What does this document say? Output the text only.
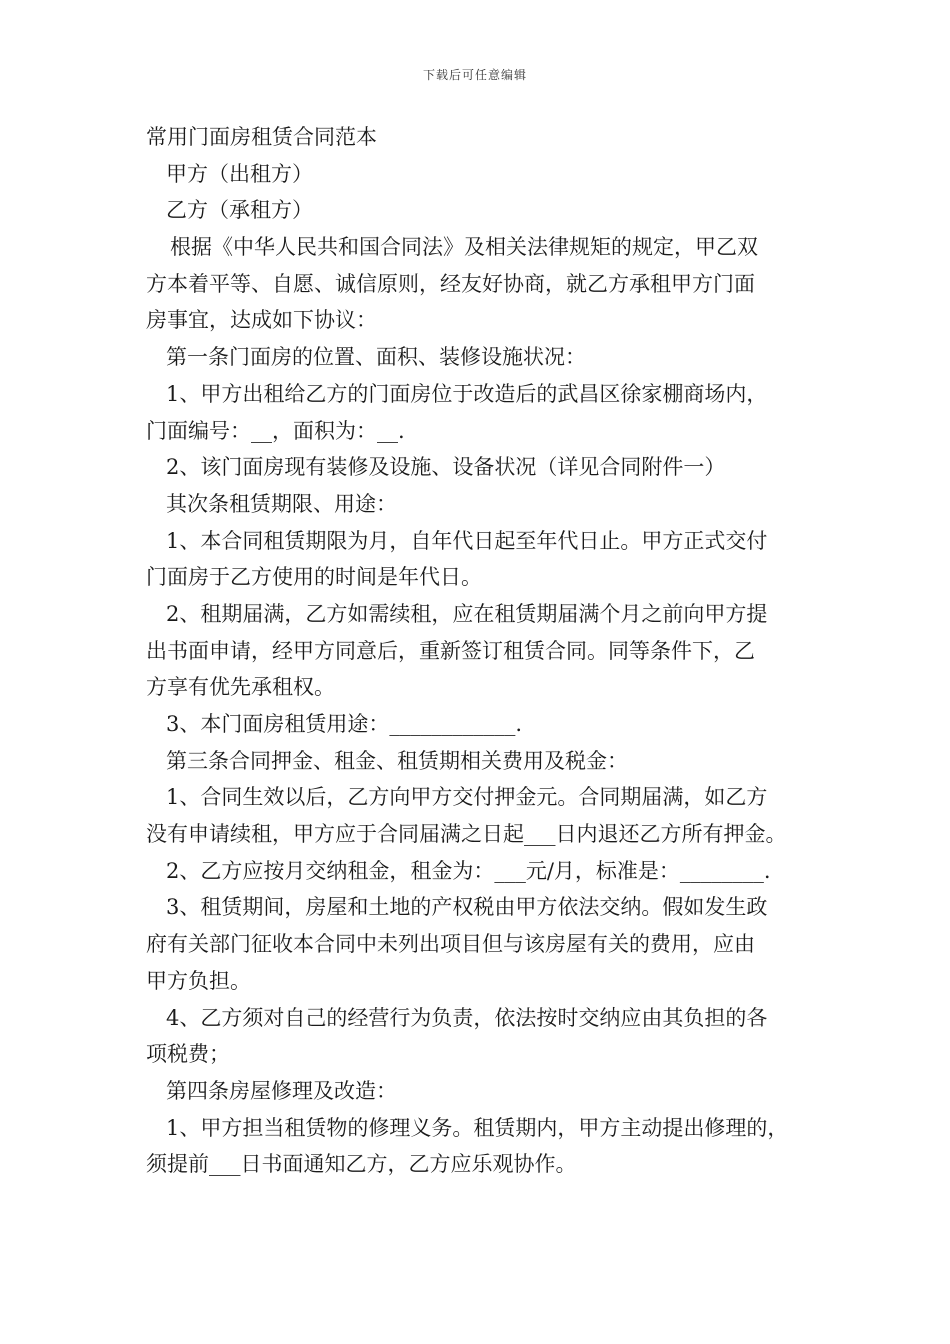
下载后可任意编辑
常用门面房租赁合同范本
甲方（出租方）
乙方（承租方）
根据《中华人民共和国合同法》及相关法律规矩的规定，甲乙双
方本着平等、自愿、诚信原则，经友好协商，就乙方承租甲方门面
房事宜，达成如下协议：
第一条门面房的位置、面积、装修设施状况：
1、甲方出租给乙方的门面房位于改造后的武昌区徐家棚商场内，
门面编号：__，面积为：__.
2、该门面房现有装修及设施、设备状况（详见合同附件一）
其次条租赁期限、用途：
1、本合同租赁期限为月，自年代日起至年代日止。甲方正式交付
门面房于乙方使用的时间是年代日。
2、租期届满，乙方如需续租，应在租赁期届满个月之前向甲方提
出书面申请，经甲方同意后，重新签订租赁合同。同等条件下，乙
方享有优先承租权。
3、本门面房租赁用途：____________.
第三条合同押金、租金、租赁期相关费用及税金：
1、合同生效以后，乙方向甲方交付押金元。合同期届满，如乙方
没有申请续租，甲方应于合同届满之日起___日内退还乙方所有押金。
2、乙方应按月交纳租金，租金为：___元/月，标准是：________.
3、租赁期间，房屋和土地的产权税由甲方依法交纳。假如发生政
府有关部门征收本合同中未列出项目但与该房屋有关的费用，应由
甲方负担。
4、乙方须对自己的经营行为负责，依法按时交纳应由其负担的各
项税费；
第四条房屋修理及改造：
1、甲方担当租赁物的修理义务。租赁期内，甲方主动提出修理的，
须提前___日书面通知乙方，乙方应乐观协作。
